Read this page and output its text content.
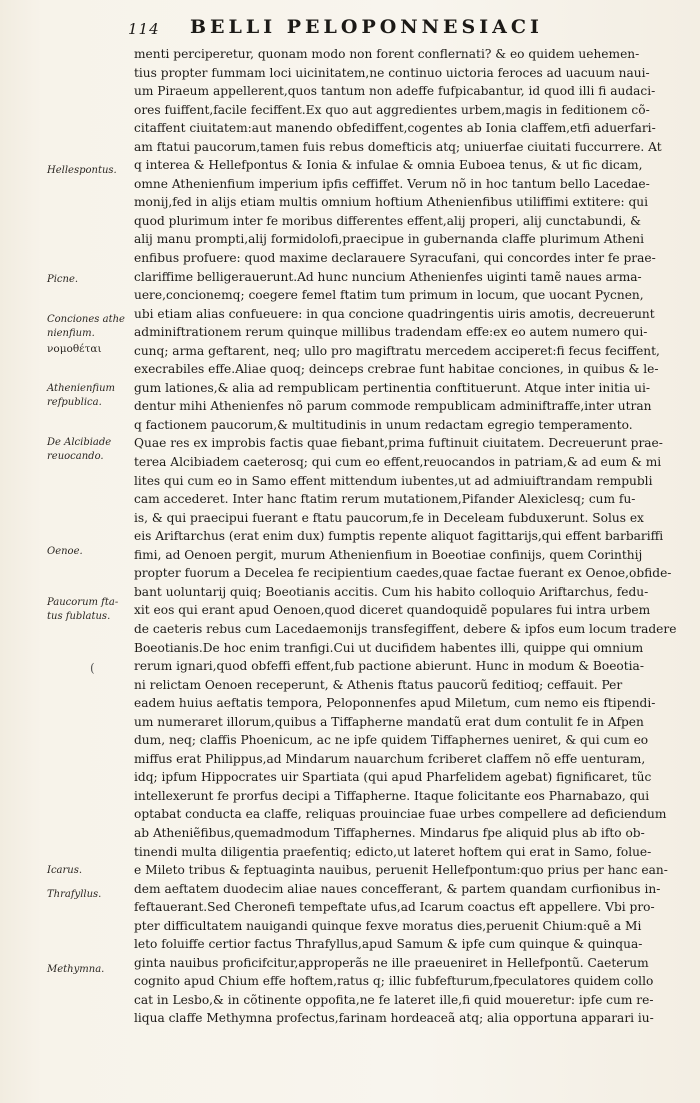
114 BELLI PELOPONNESIACI
Hellespontus.
Picne.
Conciones athe
nienfium.
νομοθέται
Athenienfium
refpublica.
De Alcibiade
reuocando.
Oenoe.
Paucorum fta-
tus fublatus.
(
Icarus.
Thrafyllus.
Methymna.
menti perciperetur, quonam modo non forent conflernati? & eo quidem uehemen-
tius propter fummam loci uicinitatem,ne continuo uictoria feroces ad uacuum naui-
um Piraeum appellerent,quos tantum non adeffe fufpicabantur, id quod illi fi audaci-
ores fuiffent,facile feciffent.Ex quo aut aggredientes urbem,magis in feditionem cõ-
citaffent ciuitatem:aut manendo obfediffent,cogentes ab Ionia claffem,etfi aduerfari-
am ftatui paucorum,tamen fuis rebus domefticis atq; uniuerfae ciuitati fuccurrere. At
q interea & Hellefpontus & Ionia & infulae & omnia Euboea tenus, & ut fic dicam,
omne Athenienfium imperium ipfis ceffiffet. Verum nõ in hoc tantum bello Lacedae-
monij,fed in alijs etiam multis omnium hoftium Athenienfibus utiliffimi extitere: qui
quod plurimum inter fe moribus differentes effent,alij properi, alij cunctabundi, &
alij manu prompti,alij formidolofi,praecipue in gubernanda claffe plurimum Atheni
enfibus profuere: quod maxime declarauere Syracufani, qui concordes inter fe prae-
clariffime belligerauerunt.Ad hunc nuncium Athenienfes uiginti tamẽ naues arma-
uere,concionemq; coegere femel ftatim tum primum in locum, que uocant Pycnen,
ubi etiam alias confueuere: in qua concione quadringentis uiris amotis, decreuerunt
adminiftrationem rerum quinque millibus tradendam effe:ex eo autem numero qui-
cunq; arma geftarent, neq; ullo pro magiftratu mercedem acciperet:fi fecus feciffent,
execrabiles effe.Aliae quoq; deinceps crebrae funt habitae conciones, in quibus & le-
gum lationes,& alia ad rempublicam pertinentia conftituerunt. Atque inter initia ui-
dentur mihi Athenienfes nõ parum commode rempublicam adminiftraffe,inter utran
q factionem paucorum,& multitudinis in unum redactam egregio temperamento.
Quae res ex improbis factis quae fiebant,prima fuftinuit ciuitatem. Decreuerunt prae-
terea Alcibiadem caeterosq; qui cum eo effent,reuocandos in patriam,& ad eum & mi
lites qui cum eo in Samo effent mittendum iubentes,ut ad admiuiftrandam rempubli
cam accederet. Inter hanc ftatim rerum mutationem,Pifander Alexiclesq; cum fu-
is, & qui praecipui fuerant e ftatu paucorum,fe in Deceleam fubduxerunt. Solus ex
eis Ariftarchus (erat enim dux) fumptis repente aliquot fagittarijs,qui effent barbariffi
fimi, ad Oenoen pergit, murum Athenienfium in Boeotiae confinijs, quem Corinthij
propter fuorum a Decelea fe recipientium caedes,quae factae fuerant ex Oenoe,obfide-
bant uoluntarij quiq; Boeotianis accitis. Cum his habito colloquio Ariftarchus, fedu-
xit eos qui erant apud Oenoen,quod diceret quandoquidẽ populares fui intra urbem
de caeteris rebus cum Lacedaemonijs transfegiffent, debere & ipfos eum locum tradere
Boeotianis.De hoc enim tranfigi.Cui ut ducifidem habentes illi, quippe qui omnium
rerum ignari,quod obfeffi effent,fub pactione abierunt. Hunc in modum & Boeotia-
ni relictam Oenoen receperunt, & Athenis ftatus paucorũ feditioq; ceffauit. Per
eadem huius aeftatis tempora, Peloponnenfes apud Miletum, cum nemo eis ftipendi-
um numeraret illorum,quibus a Tiffapherne mandatũ erat dum contulit fe in Afpen
dum, neq; claffis Phoenicum, ac ne ipfe quidem Tiffaphernes ueniret, & qui cum eo
miffus erat Philippus,ad Mindarum nauarchum fcriberet claffem nõ effe uenturam,
idq; ipfum Hippocrates uir Spartiata (qui apud Pharfelidem agebat) fignificaret, tũc
intellexerunt fe prorfus decipi a Tiffapherne. Itaque folicitante eos Pharnabazo, qui
optabat conducta ea claffe, reliquas prouinciae fuae urbes compellere ad deficiendum
ab Atheniẽfibus,quemadmodum Tiffaphernes. Mindarus fpe aliquid plus ab ifto ob-
tinendi multa diligentia praefentiq; edicto,ut lateret hoftem qui erat in Samo, folue-
e Mileto tribus & feptuaginta nauibus, peruenit Hellefpontum:quo prius per hanc ean-
dem aeftatem duodecim aliae naues concefferant, & partem quandam curfionibus in-
feftauerant.Sed Cheronefi tempeftate ufus,ad Icarum coactus eft appellere. Vbi pro-
pter difficultatem nauigandi quinque fexve moratus dies,peruenit Chium:quẽ a Mi
leto foluiffe certior factus Thrafyllus,apud Samum & ipfe cum quinque & quinqua-
ginta nauibus proficifcitur,approperãs ne ille praeueniret in Hellefpontũ. Caeterum
cognito apud Chium effe hoftem,ratus q; illic fubfefturum,fpeculatores quidem collo
cat in Lesbo,& in cõtinente oppofita,ne fe lateret ille,fi quid moueretur: ipfe cum re-
liqua claffe Methymna profectus,farinam hordeaceã atq; alia opportuna apparari iu-
